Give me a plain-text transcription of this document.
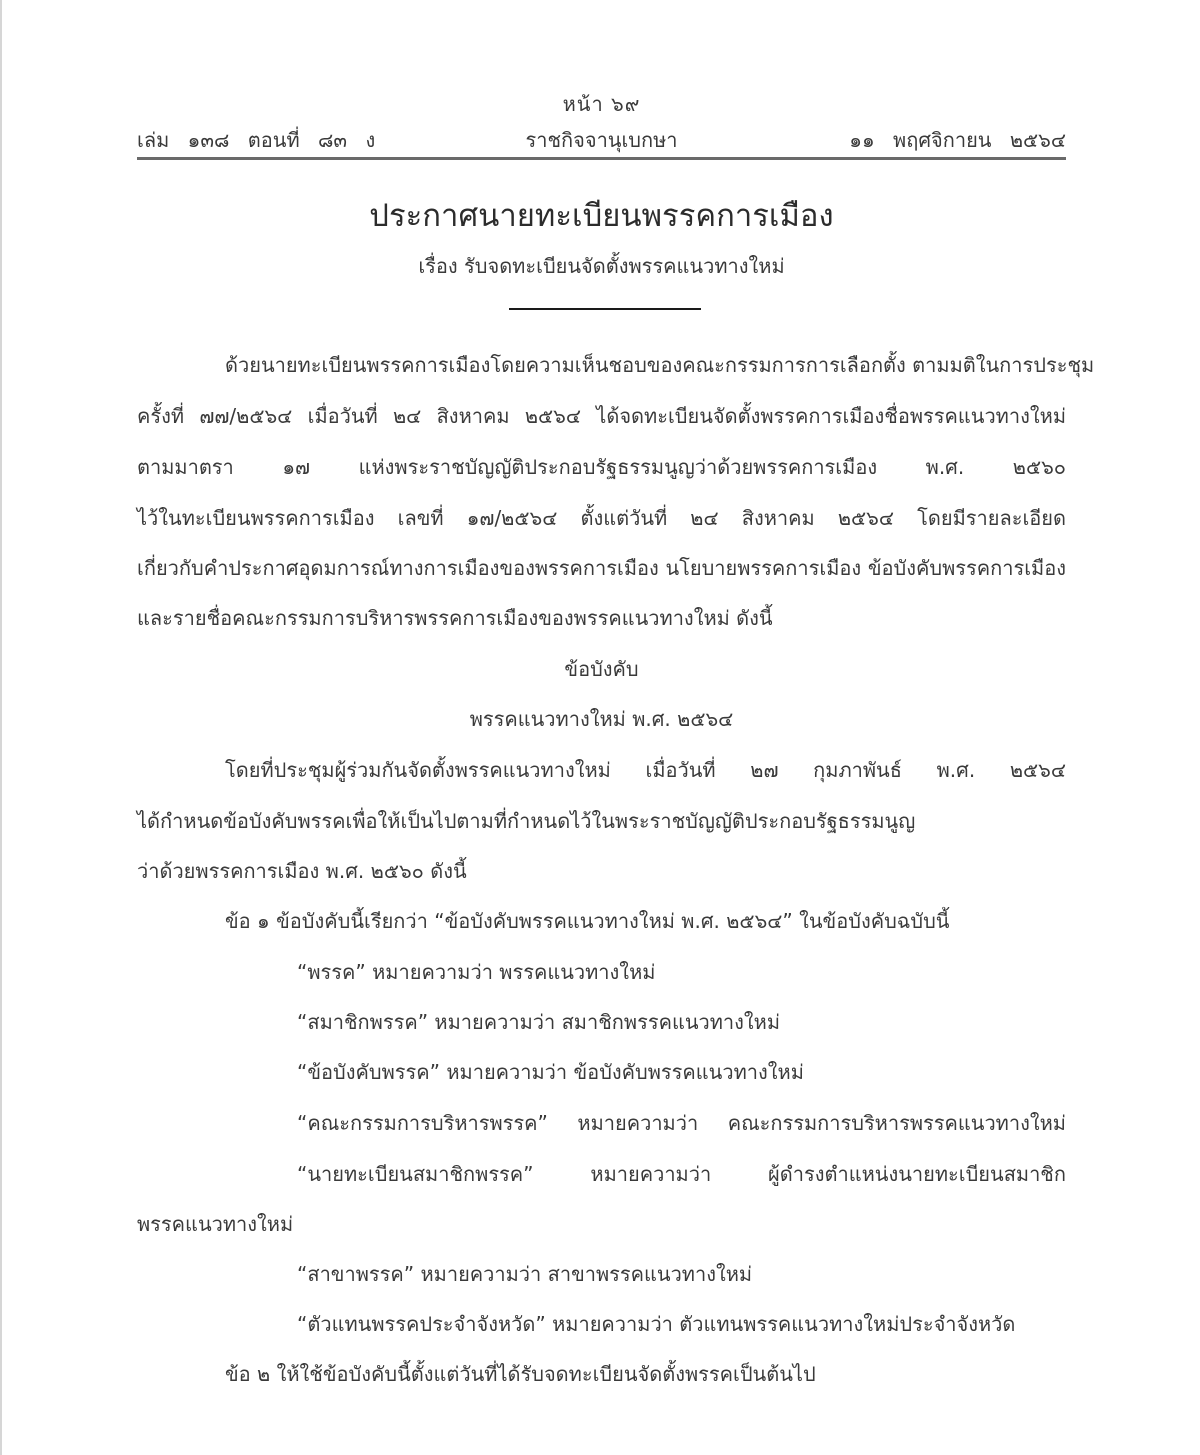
หน้า ๖๙
เล่ม ๑๓๘ ตอนที่ ๘๓ ง	ราชกิจจานุเบกษา	๑๑ พฤศจิกายน ๒๕๖๔
ประกาศนายทะเบียนพรรคการเมือง
เรื่อง รับจดทะเบียนจัดตั้งพรรคแนวทางใหม่
ด้วยนายทะเบียนพรรคการเมืองโดยความเห็นชอบของคณะกรรมการการเลือกตั้ง ตามมติในการประชุม
ครั้งที่ ๗๗/๒๕๖๔ เมื่อวันที่ ๒๔ สิงหาคม ๒๕๖๔ ได้จดทะเบียนจัดตั้งพรรคการเมืองชื่อพรรคแนวทางใหม่
ตามมาตรา ๑๗ แห่งพระราชบัญญัติประกอบรัฐธรรมนูญว่าด้วยพรรคการเมือง พ.ศ. ๒๕๖๐
ไว้ในทะเบียนพรรคการเมือง เลขที่ ๑๗/๒๕๖๔ ตั้งแต่วันที่ ๒๔ สิงหาคม ๒๕๖๔ โดยมีรายละเอียด
เกี่ยวกับคำประกาศอุดมการณ์ทางการเมืองของพรรคการเมือง นโยบายพรรคการเมือง ข้อบังคับพรรคการเมือง
และรายชื่อคณะกรรมการบริหารพรรคการเมืองของพรรคแนวทางใหม่ ดังนี้
ข้อบังคับ
พรรคแนวทางใหม่ พ.ศ. ๒๕๖๔
โดยที่ประชุมผู้ร่วมกันจัดตั้งพรรคแนวทางใหม่ เมื่อวันที่ ๒๗ กุมภาพันธ์ พ.ศ. ๒๕๖๔
ได้กำหนดข้อบังคับพรรคเพื่อให้เป็นไปตามที่กำหนดไว้ในพระราชบัญญัติประกอบรัฐธรรมนูญ
ว่าด้วยพรรคการเมือง พ.ศ. ๒๕๖๐ ดังนี้
ข้อ ๑ ข้อบังคับนี้เรียกว่า “ข้อบังคับพรรคแนวทางใหม่ พ.ศ. ๒๕๖๔” ในข้อบังคับฉบับนี้
“พรรค” หมายความว่า พรรคแนวทางใหม่
“สมาชิกพรรค” หมายความว่า สมาชิกพรรคแนวทางใหม่
“ข้อบังคับพรรค” หมายความว่า ข้อบังคับพรรคแนวทางใหม่
“คณะกรรมการบริหารพรรค” หมายความว่า คณะกรรมการบริหารพรรคแนวทางใหม่
“นายทะเบียนสมาชิกพรรค” หมายความว่า ผู้ดำรงตำแหน่งนายทะเบียนสมาชิก
พรรคแนวทางใหม่
“สาขาพรรค” หมายความว่า สาขาพรรคแนวทางใหม่
“ตัวแทนพรรคประจำจังหวัด” หมายความว่า ตัวแทนพรรคแนวทางใหม่ประจำจังหวัด
ข้อ ๒ ให้ใช้ข้อบังคับนี้ตั้งแต่วันที่ได้รับจดทะเบียนจัดตั้งพรรคเป็นต้นไป
